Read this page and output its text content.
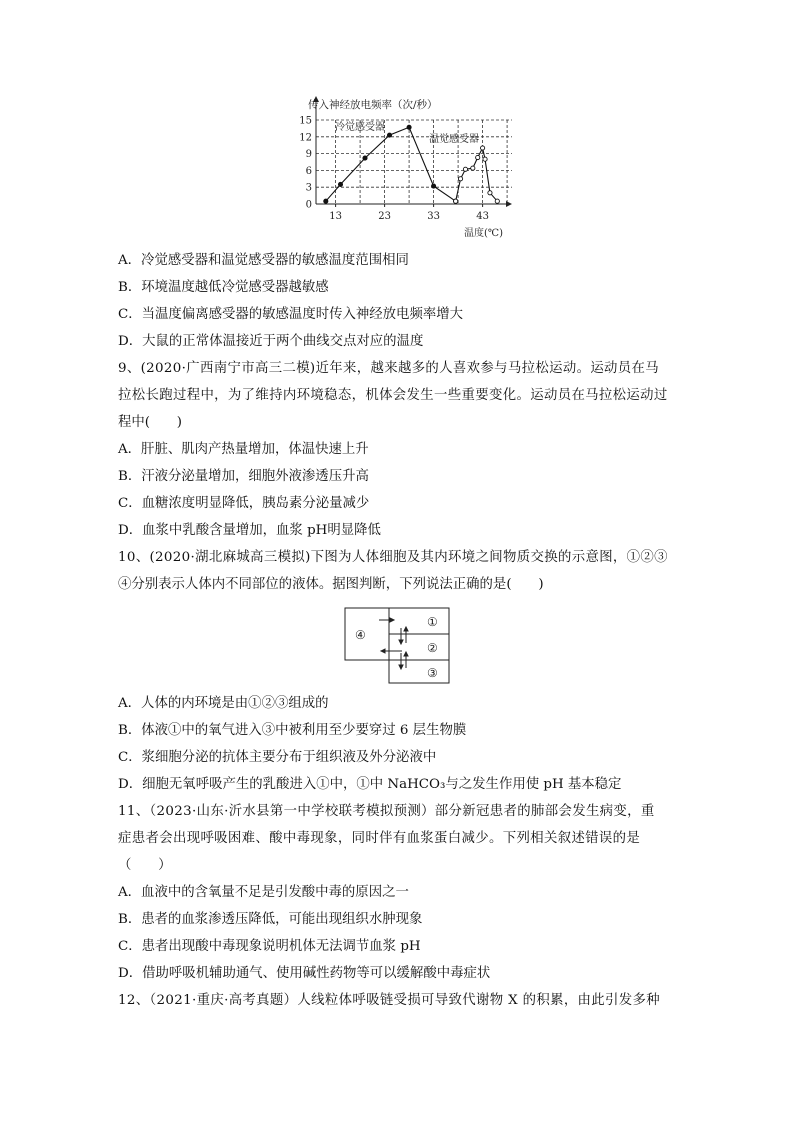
0
3
6
9
12
15
13	23	33	43
传入神经放电频率（次/秒）
温度(℃)
冷觉感受器
温觉感受器
A．冷觉感受器和温觉感受器的敏感温度范围相同
B．环境温度越低冷觉感受器越敏感
C．当温度偏离感受器的敏感温度时传入神经放电频率增大
D．大鼠的正常体温接近于两个曲线交点对应的温度
9、(2020·广西南宁市高三二模)近年来，越来越多的人喜欢参与马拉松运动。运动员在马
拉松长跑过程中，为了维持内环境稳态，机体会发生一些重要变化。运动员在马拉松运动过
程中(　　)
A．肝脏、肌肉产热量增加，体温快速上升
B．汗液分泌量增加，细胞外液渗透压升高
C．血糖浓度明显降低，胰岛素分泌量减少
D．血浆中乳酸含量增加，血浆 pH明显降低
10、(2020·湖北麻城高三模拟)下图为人体细胞及其内环境之间物质交换的示意图，①②③
④分别表示人体内不同部位的液体。据图判断，下列说法正确的是(　　)
④
①
②
③
A．人体的内环境是由①②③组成的
B．体液①中的氧气进入③中被利用至少要穿过 6 层生物膜
C．浆细胞分泌的抗体主要分布于组织液及外分泌液中
D．细胞无氧呼吸产生的乳酸进入①中，①中 NaHCO₃与之发生作用使 pH 基本稳定
11、（2023·山东·沂水县第一中学校联考模拟预测）部分新冠患者的肺部会发生病变，重
症患者会出现呼吸困难、酸中毒现象，同时伴有血浆蛋白减少。下列相关叙述错误的是
（　　）
A．血液中的含氧量不足是引发酸中毒的原因之一
B．患者的血浆渗透压降低，可能出现组织水肿现象
C．患者出现酸中毒现象说明机体无法调节血浆 pH
D．借助呼吸机辅助通气、使用碱性药物等可以缓解酸中毒症状
12、（2021·重庆·高考真题）人线粒体呼吸链受损可导致代谢物 X 的积累，由此引发多种
